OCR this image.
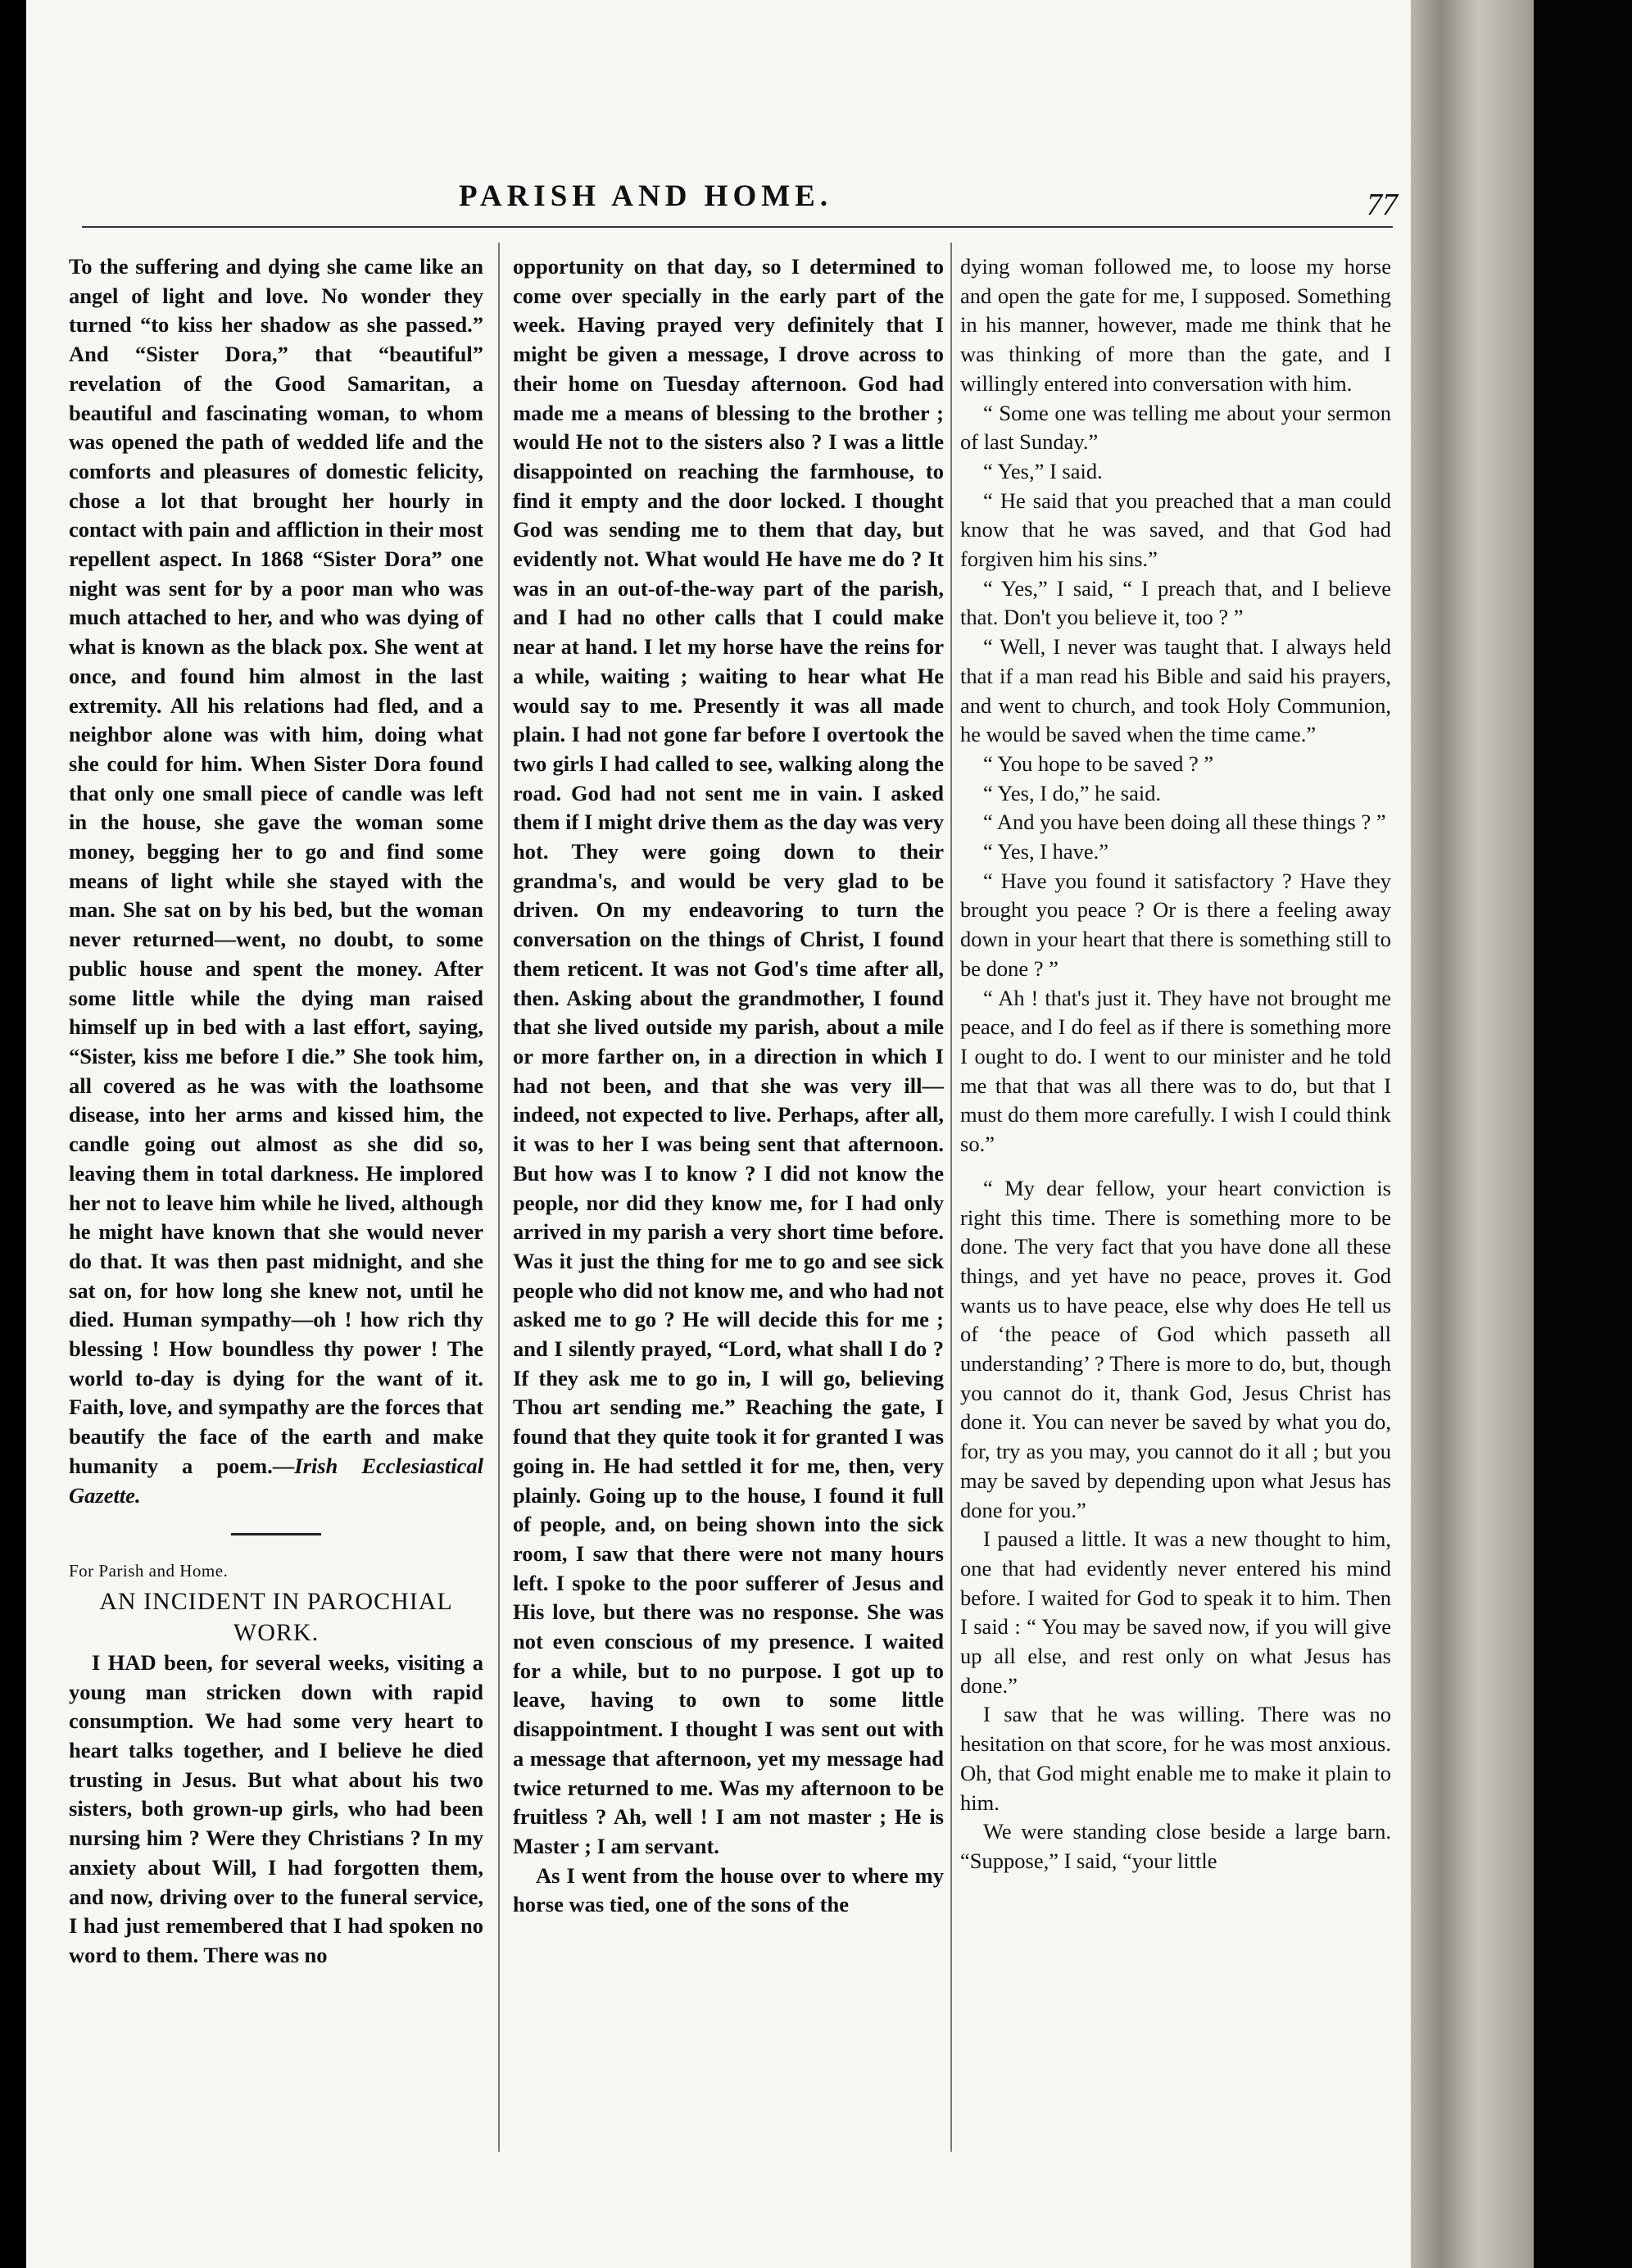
PARISH AND HOME.	77

To the suffering and dying she came like an angel of light and love. No wonder they turned “to kiss her shadow as she passed.” And “Sister Dora,” that “beautiful” revelation of the Good Samaritan, a beautiful and fascinating woman, to whom was opened the path of wedded life and the comforts and pleasures of domestic felicity, chose a lot that brought her hourly in contact with pain and affliction in their most repellent aspect. In 1868 “Sister Dora” one night was sent for by a poor man who was much attached to her, and who was dying of what is known as the black pox. She went at once, and found him almost in the last extremity. All his relations had fled, and a neighbor alone was with him, doing what she could for him. When Sister Dora found that only one small piece of candle was left in the house, she gave the woman some money, begging her to go and find some means of light while she stayed with the man. She sat on by his bed, but the woman never returned—went, no doubt, to some public house and spent the money. After some little while the dying man raised himself up in bed with a last effort, saying, “Sister, kiss me before I die.” She took him, all covered as he was with the loathsome disease, into her arms and kissed him, the candle going out almost as she did so, leaving them in total darkness. He implored her not to leave him while he lived, although he might have known that she would never do that. It was then past midnight, and she sat on, for how long she knew not, until he died. Human sympathy—oh ! how rich thy blessing ! How boundless thy power ! The world to-day is dying for the want of it. Faith, love, and sympathy are the forces that beautify the face of the earth and make humanity a poem.—Irish Ecclesiastical Gazette.

For Parish and Home.

AN INCIDENT IN PAROCHIAL WORK.

I HAD been, for several weeks, visiting a young man stricken down with rapid consumption. We had some very heart to heart talks together, and I believe he died trusting in Jesus. But what about his two sisters, both grown-up girls, who had been nursing him ? Were they Christians ? In my anxiety about Will, I had forgotten them, and now, driving over to the funeral service, I had just remembered that I had spoken no word to them. There was no

opportunity on that day, so I determined to come over specially in the early part of the week. Having prayed very definitely that I might be given a message, I drove across to their home on Tuesday afternoon. God had made me a means of blessing to the brother ; would He not to the sisters also ? I was a little disappointed on reaching the farmhouse, to find it empty and the door locked. I thought God was sending me to them that day, but evidently not. What would He have me do ? It was in an out-of-the-way part of the parish, and I had no other calls that I could make near at hand. I let my horse have the reins for a while, waiting ; waiting to hear what He would say to me. Presently it was all made plain. I had not gone far before I overtook the two girls I had called to see, walking along the road. God had not sent me in vain. I asked them if I might drive them as the day was very hot. They were going down to their grandma's, and would be very glad to be driven. On my endeavoring to turn the conversation on the things of Christ, I found them reticent. It was not God's time after all, then. Asking about the grandmother, I found that she lived outside my parish, about a mile or more farther on, in a direction in which I had not been, and that she was very ill—indeed, not expected to live. Perhaps, after all, it was to her I was being sent that afternoon. But how was I to know ? I did not know the people, nor did they know me, for I had only arrived in my parish a very short time before. Was it just the thing for me to go and see sick people who did not know me, and who had not asked me to go ? He will decide this for me ; and I silently prayed, “Lord, what shall I do ? If they ask me to go in, I will go, believing Thou art sending me.” Reaching the gate, I found that they quite took it for granted I was going in. He had settled it for me, then, very plainly. Going up to the house, I found it full of people, and, on being shown into the sick room, I saw that there were not many hours left. I spoke to the poor sufferer of Jesus and His love, but there was no response. She was not even conscious of my presence. I waited for a while, but to no purpose. I got up to leave, having to own to some little disappointment. I thought I was sent out with a message that afternoon, yet my message had twice returned to me. Was my afternoon to be fruitless ? Ah, well ! I am not master ; He is Master ; I am servant.

As I went from the house over to where my horse was tied, one of the sons of the

dying woman followed me, to loose my horse and open the gate for me, I supposed. Something in his manner, however, made me think that he was thinking of more than the gate, and I willingly entered into conversation with him.

“ Some one was telling me about your sermon of last Sunday.”

“ Yes,” I said.

“ He said that you preached that a man could know that he was saved, and that God had forgiven him his sins.”

“ Yes,” I said, “ I preach that, and I believe that. Don't you believe it, too ? ”

“ Well, I never was taught that. I always held that if a man read his Bible and said his prayers, and went to church, and took Holy Communion, he would be saved when the time came.”

“ You hope to be saved ? ”

“ Yes, I do,” he said.

“ And you have been doing all these things ? ”

“ Yes, I have.”

“ Have you found it satisfactory ? Have they brought you peace ? Or is there a feeling away down in your heart that there is something still to be done ? ”

“ Ah ! that's just it. They have not brought me peace, and I do feel as if there is something more I ought to do. I went to our minister and he told me that that was all there was to do, but that I must do them more carefully. I wish I could think so.”

“ My dear fellow, your heart conviction is right this time. There is something more to be done. The very fact that you have done all these things, and yet have no peace, proves it. God wants us to have peace, else why does He tell us of ‘the peace of God which passeth all understanding’ ? There is more to do, but, though you cannot do it, thank God, Jesus Christ has done it. You can never be saved by what you do, for, try as you may, you cannot do it all ; but you may be saved by depending upon what Jesus has done for you.”

I paused a little. It was a new thought to him, one that had evidently never entered his mind before. I waited for God to speak it to him. Then I said : “ You may be saved now, if you will give up all else, and rest only on what Jesus has done.”

I saw that he was willing. There was no hesitation on that score, for he was most anxious. Oh, that God might enable me to make it plain to him.

We were standing close beside a large barn. “Suppose,” I said, “your little
